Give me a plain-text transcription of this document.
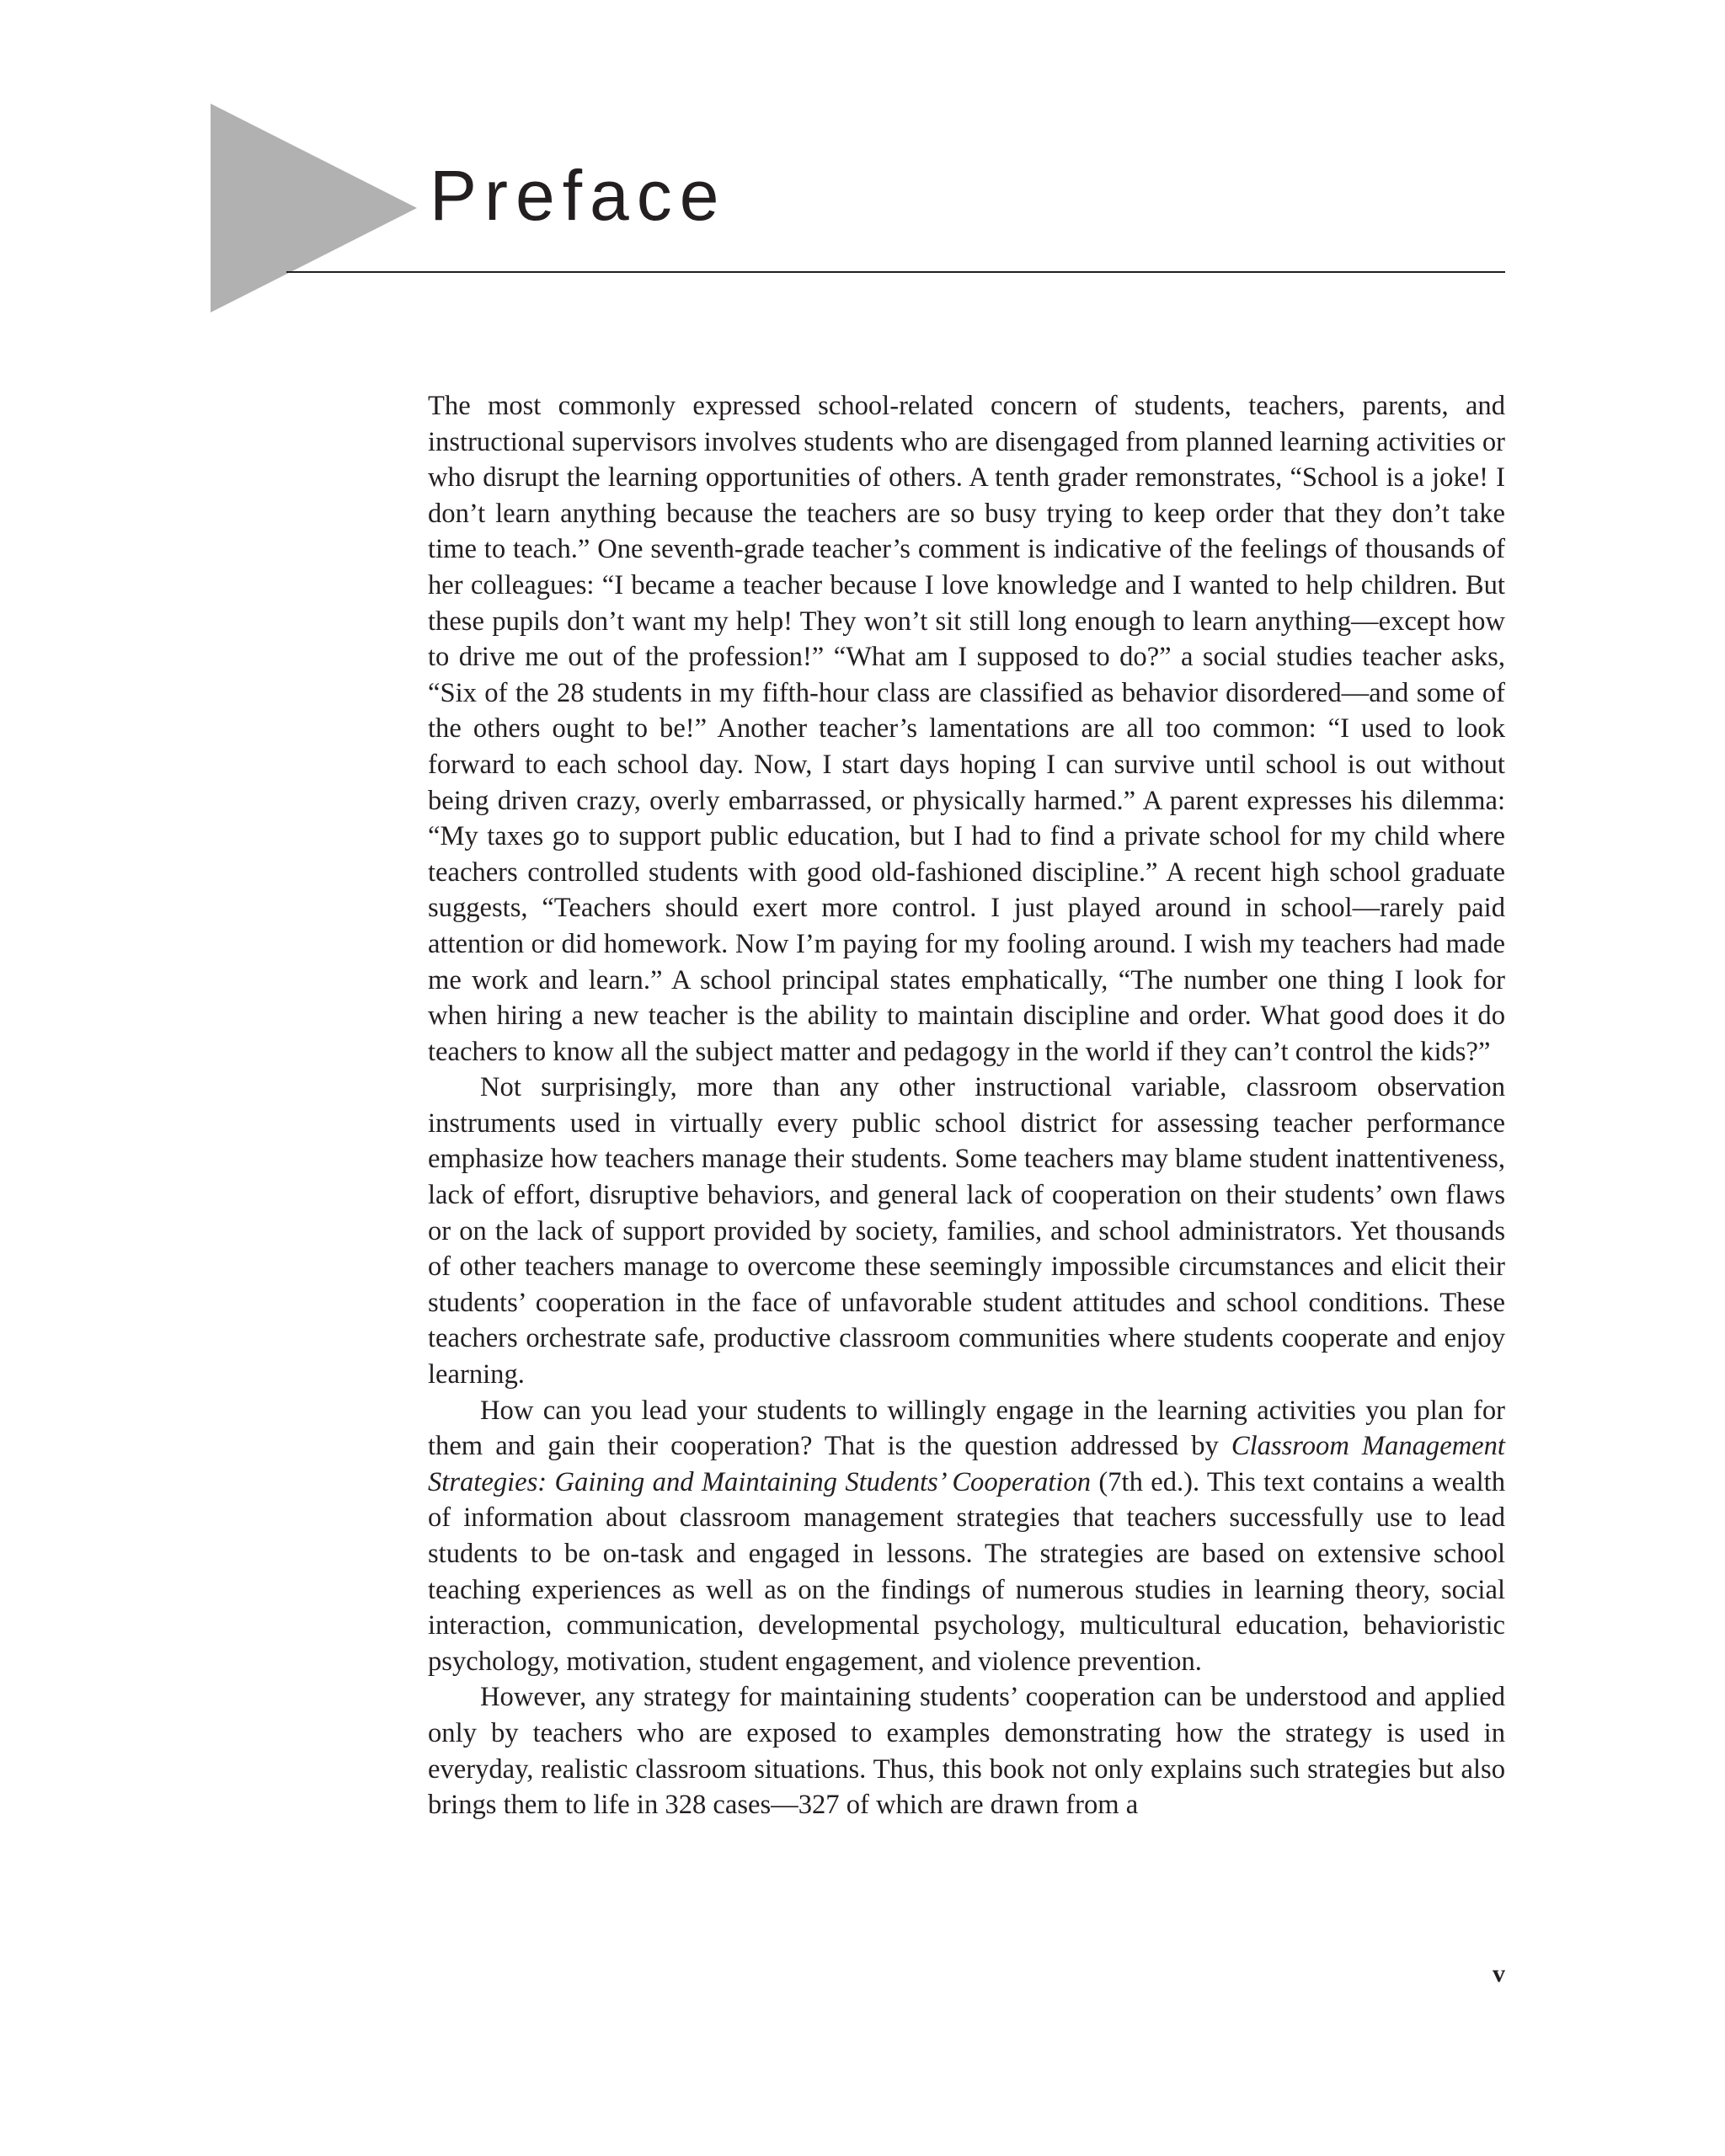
Preface

The most commonly expressed school-related concern of students, teachers, parents, and instructional supervisors involves students who are disengaged from planned learning activities or who disrupt the learning opportunities of others. A tenth grader remonstrates, “School is a joke! I don’t learn anything because the teachers are so busy trying to keep order that they don’t take time to teach.” One seventh-grade teacher’s comment is indicative of the feelings of thousands of her colleagues: “I became a teacher because I love knowledge and I wanted to help children. But these pupils don’t want my help! They won’t sit still long enough to learn anything—except how to drive me out of the profession!” “What am I supposed to do?” a social studies teacher asks, “Six of the 28 students in my fifth-hour class are classified as behavior disordered—and some of the others ought to be!” Another teacher’s lamentations are all too common: “I used to look forward to each school day. Now, I start days hoping I can survive until school is out without being driven crazy, overly embarrassed, or physically harmed.” A parent expresses his dilemma: “My taxes go to support public education, but I had to find a private school for my child where teachers controlled students with good old-fashioned discipline.” A recent high school graduate suggests, “Teachers should exert more control. I just played around in school—rarely paid attention or did homework. Now I’m paying for my fooling around. I wish my teachers had made me work and learn.” A school principal states emphatically, “The number one thing I look for when hiring a new teacher is the ability to maintain discipline and order. What good does it do teachers to know all the subject matter and pedagogy in the world if they can’t control the kids?”

Not surprisingly, more than any other instructional variable, classroom observation instruments used in virtually every public school district for assessing teacher performance emphasize how teachers manage their students. Some teachers may blame student inattentiveness, lack of effort, disruptive behaviors, and general lack of cooperation on their students’ own flaws or on the lack of support provided by society, families, and school administrators. Yet thousands of other teachers manage to overcome these seemingly impossible circumstances and elicit their students’ cooperation in the face of unfavorable student attitudes and school conditions. These teachers orchestrate safe, productive classroom communities where students cooperate and enjoy learning.

How can you lead your students to willingly engage in the learning activities you plan for them and gain their cooperation? That is the question addressed by Classroom Management Strategies: Gaining and Maintaining Students’ Cooperation (7th ed.). This text contains a wealth of information about classroom management strategies that teachers successfully use to lead students to be on-task and engaged in lessons. The strategies are based on extensive school teaching experiences as well as on the findings of numerous studies in learning theory, social interaction, communication, developmental psychology, multicultural education, behavioristic psychology, motivation, student engagement, and violence prevention.

However, any strategy for maintaining students’ cooperation can be understood and applied only by teachers who are exposed to examples demonstrating how the strategy is used in everyday, realistic classroom situations. Thus, this book not only explains such strategies but also brings them to life in 328 cases—327 of which are drawn from a

v
